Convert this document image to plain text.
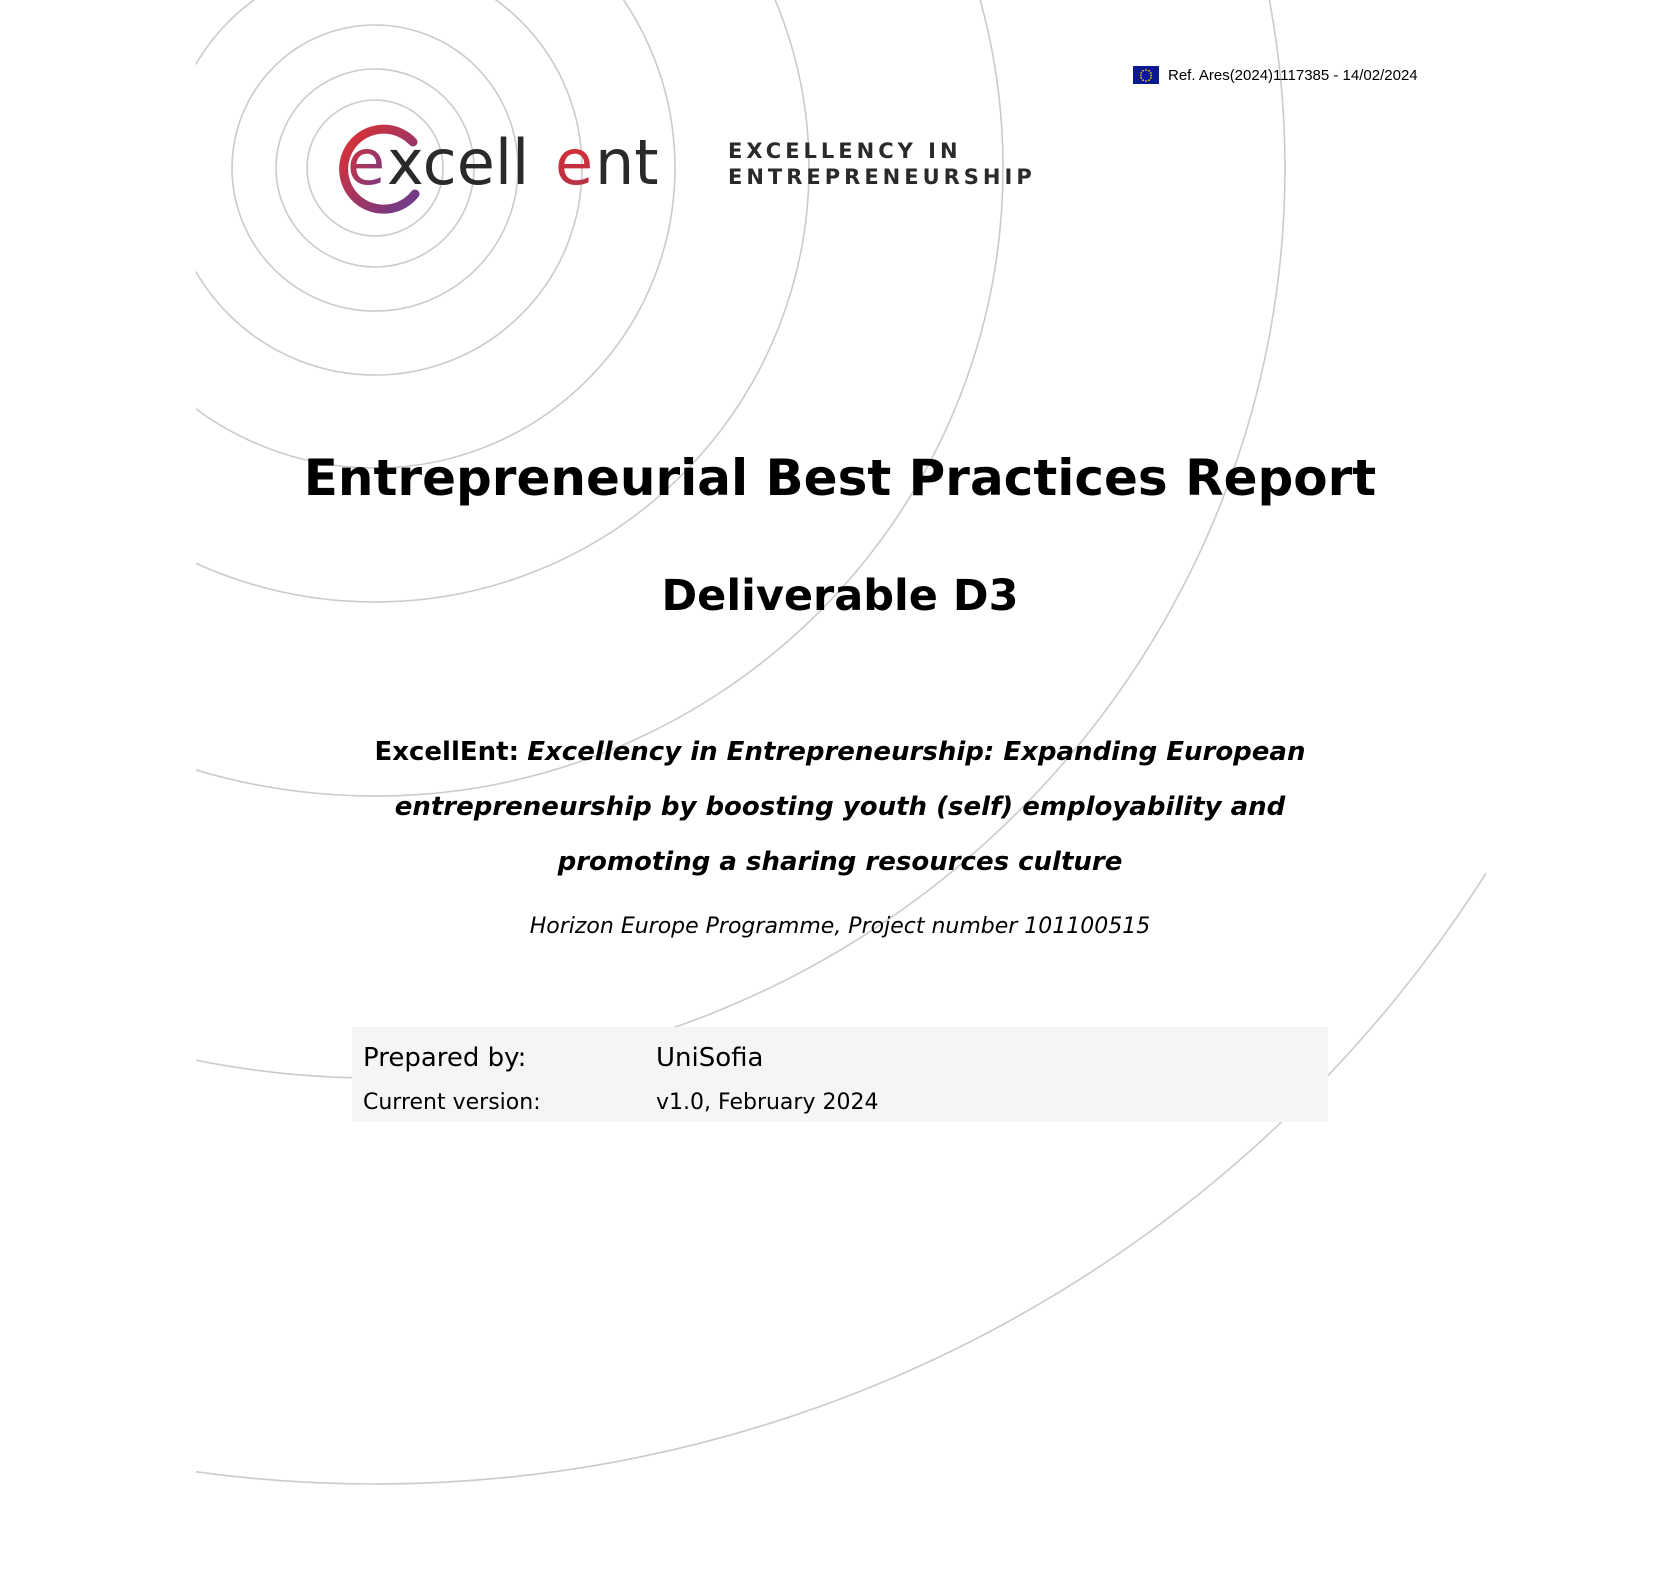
Ref. Ares(2024)1117385 - 14/02/2024
e xcell e nt	EXCELLENCY IN
ENTREPRENEURSHIP
Entrepreneurial Best Practices Report
Deliverable D3
ExcellEnt: Excellency in Entrepreneurship: Expanding European entrepreneurship by boosting youth (self) employability and promoting a sharing resources culture
Horizon Europe Programme, Project number 101100515
Prepared by:	UniSofia
Current version:	v1.0, February 2024
